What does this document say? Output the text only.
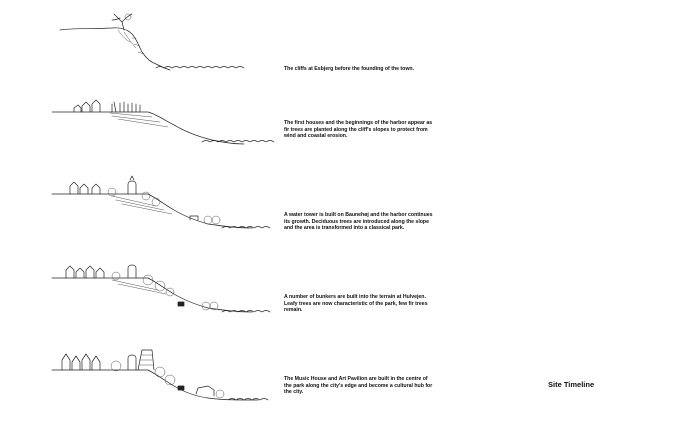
The cliffs at Esbjerg before the founding of the town.

The first houses and the beginnings of the harbor appear as fir trees are planted along the cliff's slopes to protect from wind and coastal erosion.

A water tower is built on Baunehøj and the harbor continues its growth. Deciduous trees are introduced along the slope and the area is transformed into a classical park.

A number of bunkers are built into the terrain at Hulvejen. Leafy trees are now characteristic of the park, few fir trees remain.

The Music House and Art Pavilion are built in the centre of the park along the city's edge and become a cultural hub for the city.

Site Timeline
